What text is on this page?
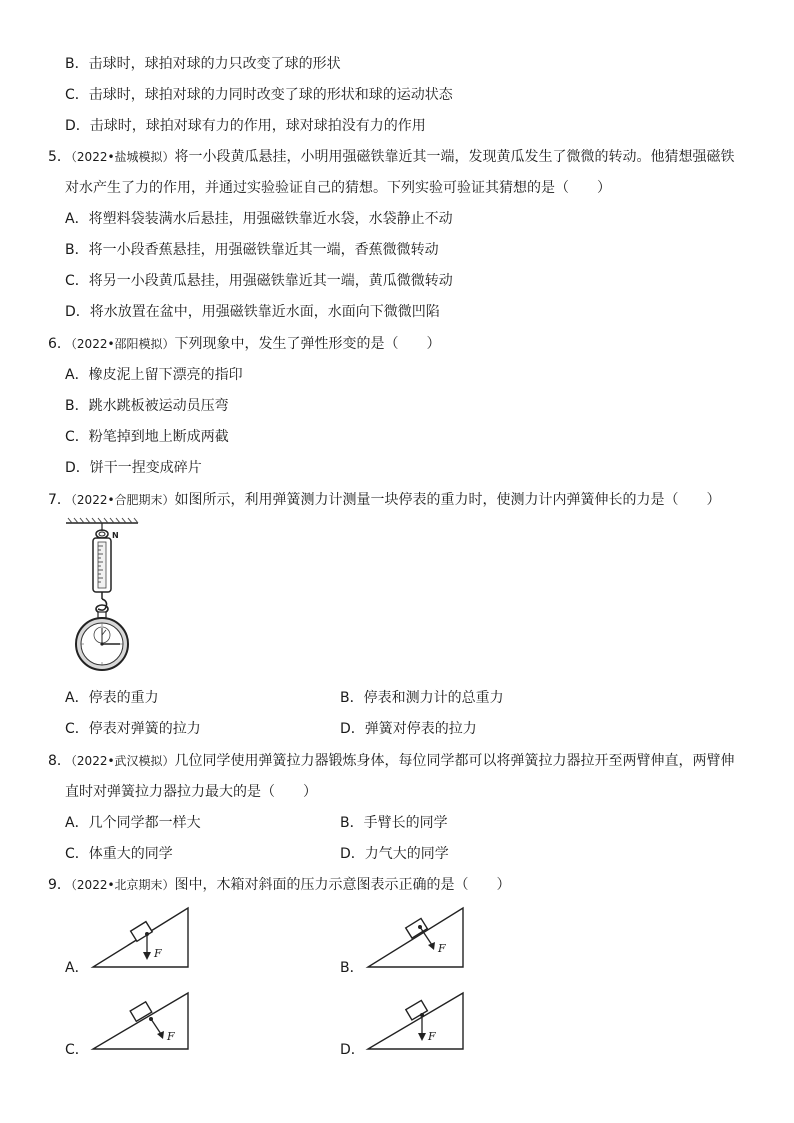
B．击球时，球拍对球的力只改变了球的形状
C．击球时，球拍对球的力同时改变了球的形状和球的运动状态
D．击球时，球拍对球有力的作用，球对球拍没有力的作用
5．（2022•盐城模拟）将一小段黄瓜悬挂，小明用强磁铁靠近其一端，发现黄瓜发生了微微的转动。他猜想强磁铁
对水产生了力的作用，并通过实验验证自己的猜想。下列实验可验证其猜想的是（　　）
A．将塑料袋装满水后悬挂，用强磁铁靠近水袋，水袋静止不动
B．将一小段香蕉悬挂，用强磁铁靠近其一端，香蕉微微转动
C．将另一小段黄瓜悬挂，用强磁铁靠近其一端，黄瓜微微转动
D．将水放置在盆中，用强磁铁靠近水面，水面向下微微凹陷
6．（2022•邵阳模拟）下列现象中，发生了弹性形变的是（　　）
A．橡皮泥上留下漂亮的指印
B．跳水跳板被运动员压弯
C．粉笔掉到地上断成两截
D．饼干一捏变成碎片
7．（2022•合肥期末）如图所示，利用弹簧测力计测量一块停表的重力时，使测力计内弹簧伸长的力是（　　）
N
A．停表的重力	B．停表和测力计的总重力
C．停表对弹簧的拉力	D．弹簧对停表的拉力
8．（2022•武汉模拟）几位同学使用弹簧拉力器锻炼身体，每位同学都可以将弹簧拉力器拉开至两臂伸直，两臂伸
直时对弹簧拉力器拉力最大的是（　　）
A．几个同学都一样大	B．手臂长的同学
C．体重大的同学	D．力气大的同学
9．（2022•北京期末）图中，木箱对斜面的压力示意图表示正确的是（　　）
A．
F
B．
F
C．
F
D．
F
